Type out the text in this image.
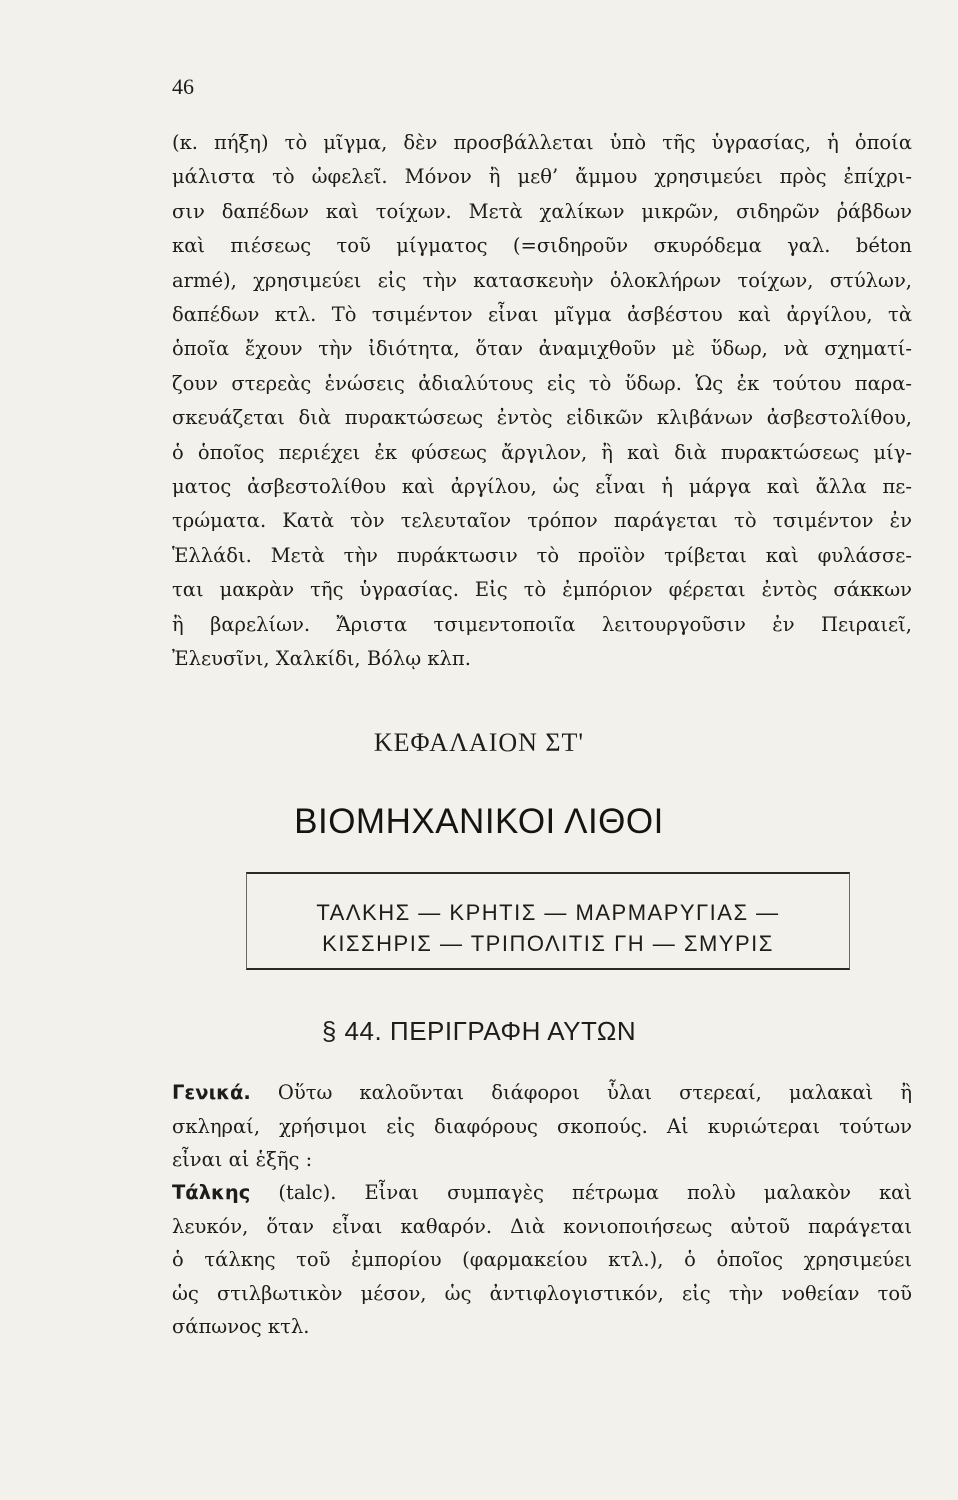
46
(κ. πήξη) τὸ μῖγμα, δὲν προσβάλλεται ὑπὸ τῆς ὑγρασίας, ἡ ὁποία
μάλιστα τὸ ὠφελεῖ. Μόνον ἢ μεθ’ ἄμμου χρησιμεύει πρὸς ἐπίχρι-
σιν δαπέδων καὶ τοίχων. Μετὰ χαλίκων μικρῶν, σιδηρῶν ῥάβδων
καὶ πιέσεως τοῦ μίγματος (=σιδηροῦν σκυρόδεμα γαλ. béton
armé), χρησιμεύει εἰς τὴν κατασκευὴν ὁλοκλήρων τοίχων, στύλων,
δαπέδων κτλ. Τὸ τσιμέντον εἶναι μῖγμα ἀσβέστου καὶ ἀργίλου, τὰ
ὁποῖα ἔχουν τὴν ἰδιότητα, ὅταν ἀναμιχθοῦν μὲ ὕδωρ, νὰ σχηματί-
ζουν στερεὰς ἑνώσεις ἀδιαλύτους εἰς τὸ ὕδωρ. Ὡς ἐκ τούτου παρα-
σκευάζεται διὰ πυρακτώσεως ἐντὸς εἰδικῶν κλιβάνων ἀσβεστολίθου,
ὁ ὁποῖος περιέχει ἐκ φύσεως ἄργιλον, ἢ καὶ διὰ πυρακτώσεως μίγ-
ματος ἀσβεστολίθου καὶ ἀργίλου, ὡς εἶναι ἡ μάργα καὶ ἄλλα πε-
τρώματα. Κατὰ τὸν τελευταῖον τρόπον παράγεται τὸ τσιμέντον ἐν
Ἑλλάδι. Μετὰ τὴν πυράκτωσιν τὸ προϊὸν τρίβεται καὶ φυλάσσε-
ται μακρὰν τῆς ὑγρασίας. Εἰς τὸ ἐμπόριον φέρεται ἐντὸς σάκκων
ἢ βαρελίων. Ἄριστα τσιμεντοποιῖα λειτουργοῦσιν ἐν Πειραιεῖ,
Ἐλευσῖνι, Χαλκίδι, Βόλῳ κλπ.
ΚΕΦΑΛΑΙΟΝ ΣΤ'
ΒΙΟΜΗΧΑΝΙΚΟΙ ΛΙΘΟΙ
ΤΑΛΚΗΣ — ΚΡΗΤΙΣ — ΜΑΡΜΑΡΥΓΙΑΣ —
ΚΙΣΣΗΡΙΣ — ΤΡΙΠΟΛΙΤΙΣ ΓΗ — ΣΜΥΡΙΣ
§ 44. ΠΕΡΙΓΡΑΦΗ ΑΥΤΩΝ
Γενικά. Οὕτω καλοῦνται διάφοροι ὗλαι στερεαί, μαλακαὶ ἢ
σκληραί, χρήσιμοι εἰς διαφόρους σκοπούς. Αἱ κυριώτεραι τούτων
εἶναι αἱ ἑξῆς :
Τάλκης (talc). Εἶναι συμπαγὲς πέτρωμα πολὺ μαλακὸν καὶ
λευκόν, ὅταν εἶναι καθαρόν. Διὰ κονιοποιήσεως αὐτοῦ παράγεται
ὁ τάλκης τοῦ ἐμπορίου (φαρμακείου κτλ.), ὁ ὁποῖος χρησιμεύει
ὡς στιλβωτικὸν μέσον, ὡς ἀντιφλογιστικόν, εἰς τὴν νοθείαν τοῦ
σάπωνος κτλ.
